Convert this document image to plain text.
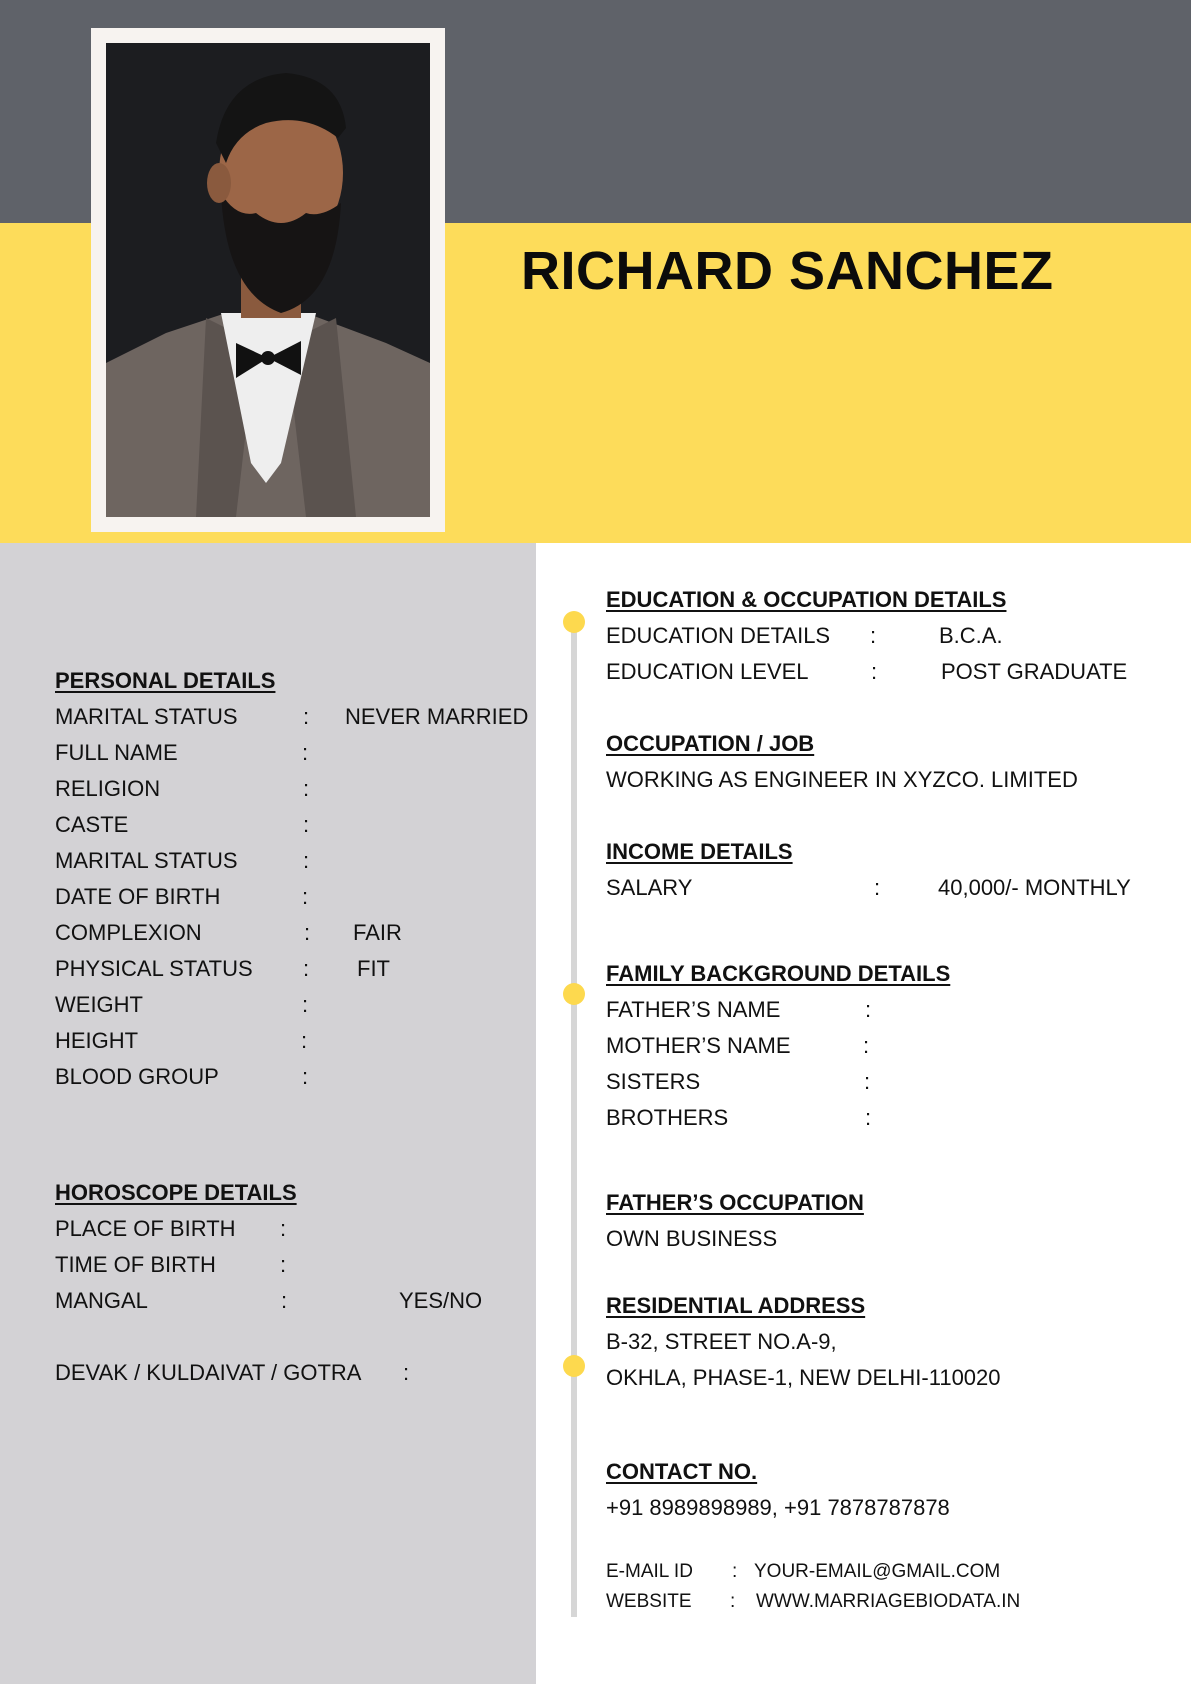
RICHARD SANCHEZ
PERSONAL DETAILS
MARITAL STATUS	: NEVER MARRIED
FULL NAME	:
RELIGION	:
CASTE	:
MARITAL STATUS	:
DATE OF BIRTH	:
COMPLEXION	: FAIR
PHYSICAL STATUS : FIT
WEIGHT	:
HEIGHT	:
BLOOD GROUP	:
HOROSCOPE DETAILS
PLACE OF BIRTH :
TIME OF BIRTH	:
MANGAL	:	YES/NO
DEVAK / KULDAIVAT / GOTRA :
EDUCATION & OCCUPATION DETAILS
EDUCATION DETAILS :	B.C.A.
EDUCATION LEVEL	:	POST GRADUATE
OCCUPATION / JOB
WORKING AS ENGINEER IN XYZCO. LIMITED
INCOME DETAILS
SALARY	:	40,000/- MONTHLY
FAMILY BACKGROUND DETAILS
FATHER’S NAME	:
MOTHER’S NAME	:
SISTERS	:
BROTHERS	:
FATHER’S OCCUPATION
OWN BUSINESS
RESIDENTIAL ADDRESS
B-32, STREET NO.A-9,
OKHLA, PHASE-1, NEW DELHI-110020
CONTACT NO.
+91 8989898989, +91 7878787878
E-MAIL ID : YOUR-EMAIL@GMAIL.COM
WEBSITE : WWW.MARRIAGEBIODATA.IN
